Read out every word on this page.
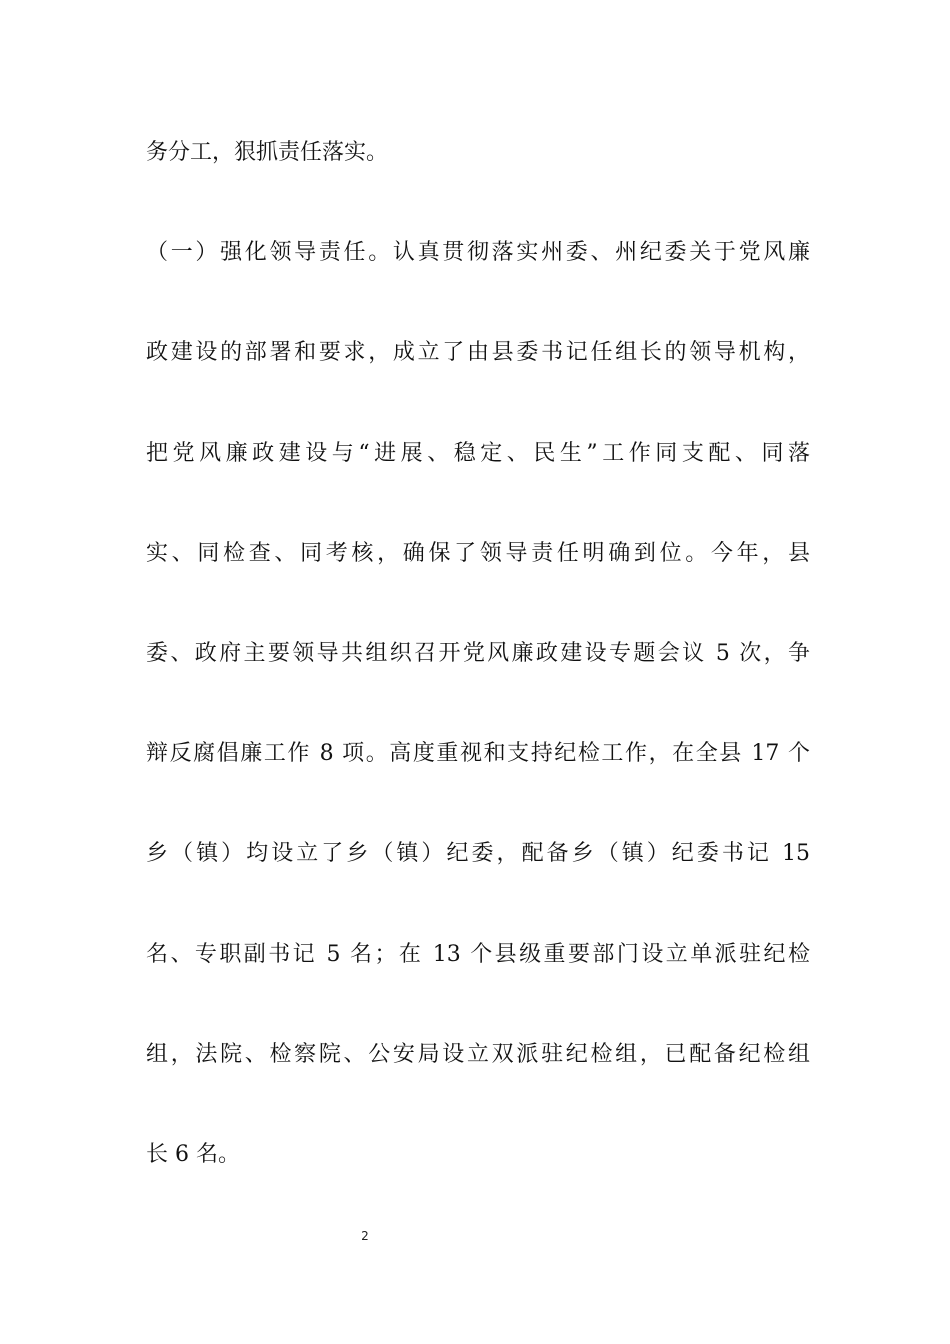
务分工，狠抓责任落实。
（一）强化领导责任。认真贯彻落实州委、州纪委关于党风廉
政建设的部署和要求，成立了由县委书记任组长的领导机构，
把党风廉政建设与“进展、稳定、民生”工作同支配、同落
实、同检查、同考核，确保了领导责任明确到位。今年，县
委、政府主要领导共组织召开党风廉政建设专题会议 5 次，争
辩反腐倡廉工作 8 项。高度重视和支持纪检工作，在全县 17 个
乡（镇）均设立了乡（镇）纪委，配备乡（镇）纪委书记 15
名、专职副书记 5 名；在 13 个县级重要部门设立单派驻纪检
组，法院、检察院、公安局设立双派驻纪检组，已配备纪检组
长 6 名。
2
